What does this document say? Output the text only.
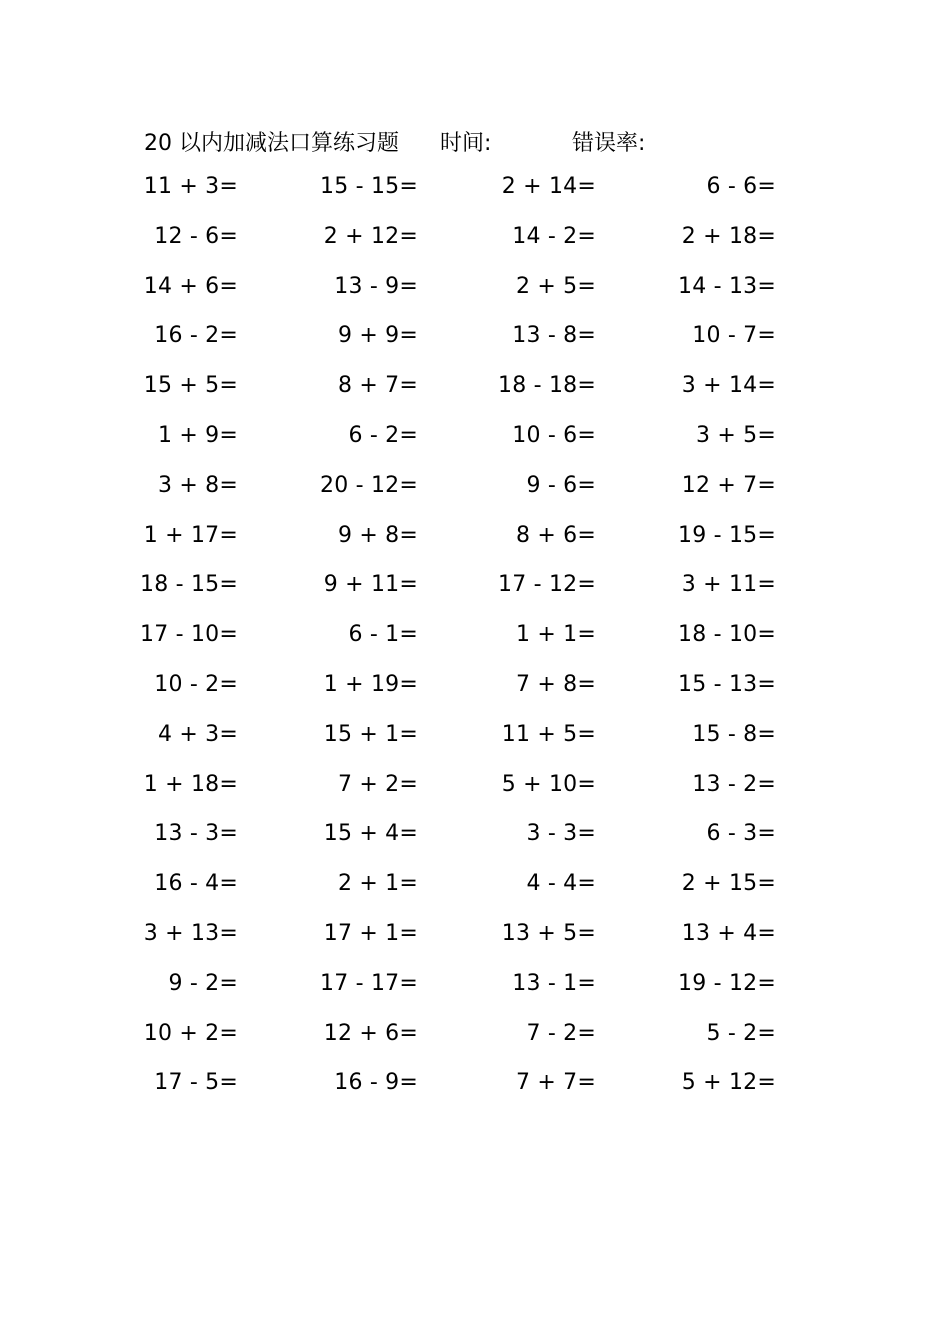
20 以内加减法口算练习题 时间:	错误率:
11 + 3=	15 - 15=	2 + 14=	6 - 6=
12 - 6=	2 + 12=	14 - 2=	2 + 18=
14 + 6=	13 - 9=	2 + 5=	14 - 13=
16 - 2=	9 + 9=	13 - 8=	10 - 7=
15 + 5=	8 + 7=	18 - 18=	3 + 14=
1 + 9=	6 - 2=	10 - 6=	3 + 5=
3 + 8=	20 - 12=	9 - 6=	12 + 7=
1 + 17=	9 + 8=	8 + 6=	19 - 15=
18 - 15=	9 + 11=	17 - 12=	3 + 11=
17 - 10=	6 - 1=	1 + 1=	18 - 10=
10 - 2=	1 + 19=	7 + 8=	15 - 13=
4 + 3=	15 + 1=	11 + 5=	15 - 8=
1 + 18=	7 + 2=	5 + 10=	13 - 2=
13 - 3=	15 + 4=	3 - 3=	6 - 3=
16 - 4=	2 + 1=	4 - 4=	2 + 15=
3 + 13=	17 + 1=	13 + 5=	13 + 4=
9 - 2=	17 - 17=	13 - 1=	19 - 12=
10 + 2=	12 + 6=	7 - 2=	5 - 2=
17 - 5=	16 - 9=	7 + 7=	5 + 12=
